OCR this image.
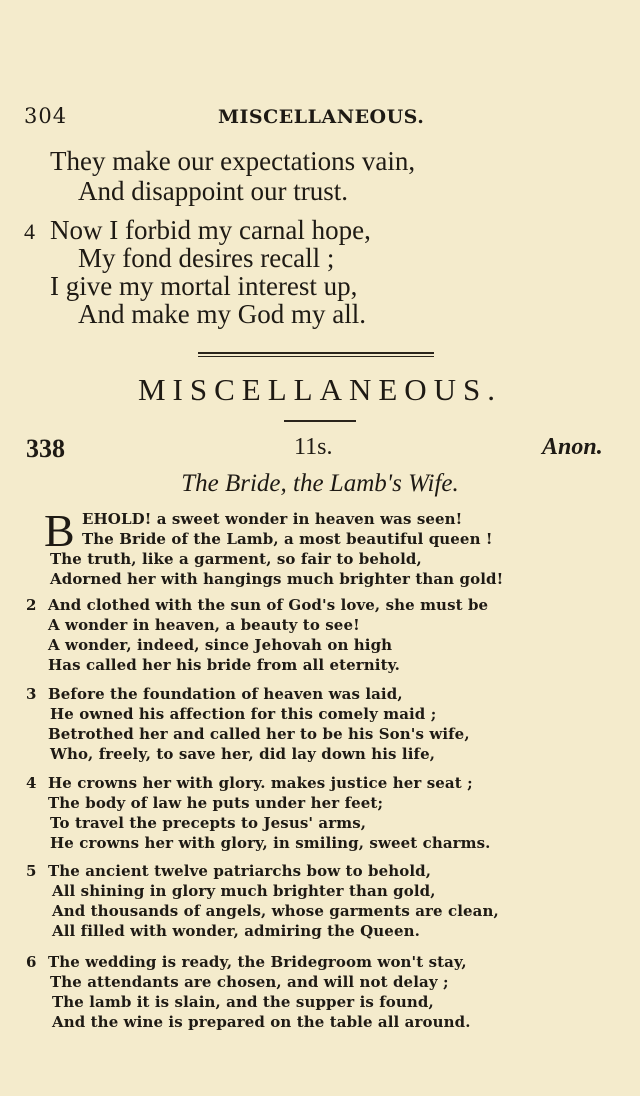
304	MISCELLANEOUS.
They make our expectations vain,
And disappoint our trust.
4 Now I forbid my carnal hope,
My fond desires recall ;
I give my mortal interest up,
And make my God my all.
MISCELLANEOUS.
338	11s.	Anon.
The Bride, the Lamb's Wife.
B EHOLD! a sweet wonder in heaven was seen!
The Bride of the Lamb, a most beautiful queen !
The truth, like a garment, so fair to behold,
Adorned her with hangings much brighter than gold!
2 And clothed with the sun of God's love, she must be
A wonder in heaven, a beauty to see!
A wonder, indeed, since Jehovah on high
Has called her his bride from all eternity.
3 Before the foundation of heaven was laid,
He owned his affection for this comely maid ;
Betrothed her and called her to be his Son's wife,
Who, freely, to save her, did lay down his life,
4 He crowns her with glory. makes justice her seat ;
The body of law he puts under her feet;
To travel the precepts to Jesus' arms,
He crowns her with glory, in smiling, sweet charms.
5 The ancient twelve patriarchs bow to behold,
All shining in glory much brighter than gold,
And thousands of angels, whose garments are clean,
All filled with wonder, admiring the Queen.
6 The wedding is ready, the Bridegroom won't stay,
The attendants are chosen, and will not delay ;
The lamb it is slain, and the supper is found,
And the wine is prepared on the table all around.
